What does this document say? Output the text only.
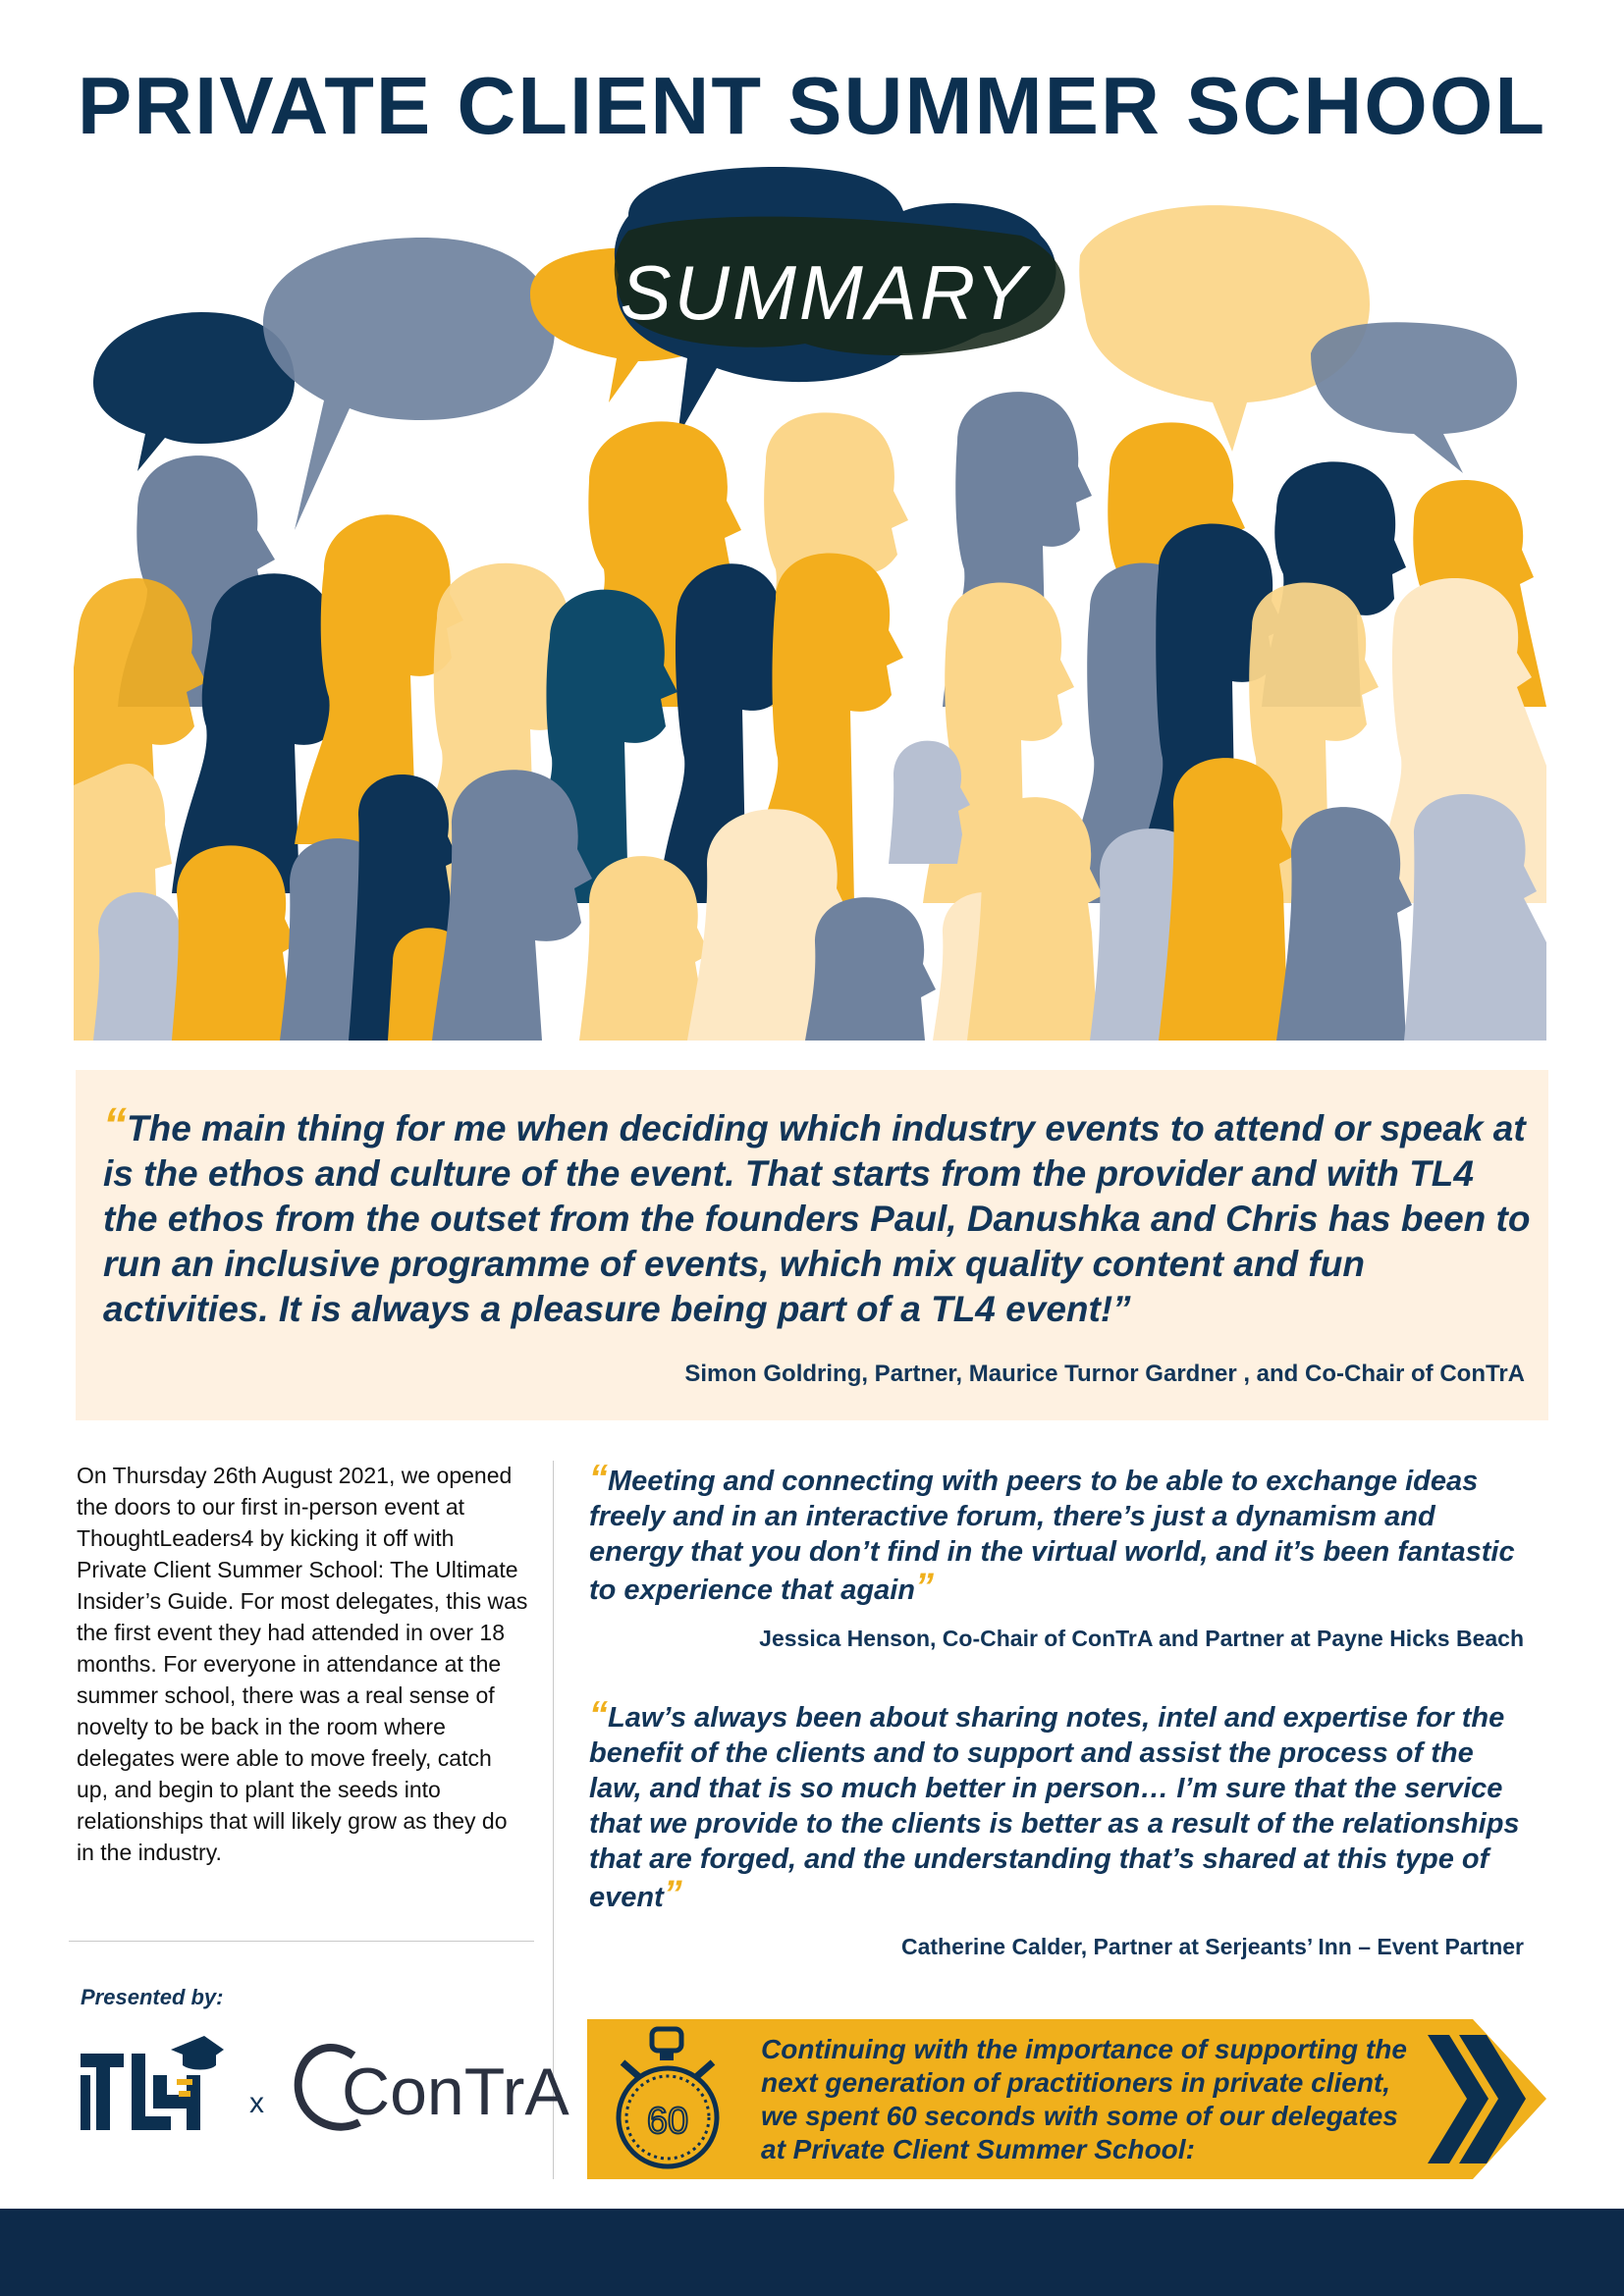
PRIVATE CLIENT SUMMER SCHOOL
SUMMARY
“The main thing for me when deciding which industry events to attend or speak at is the ethos and culture of the event. That starts from the provider and with TL4 the ethos from the outset from the founders Paul, Danushka and Chris has been to run an inclusive programme of events, which mix quality content and fun activities. It is always a pleasure being part of a TL4 event!”
Simon Goldring, Partner, Maurice Turnor Gardner , and Co-Chair of ConTrA
On Thursday 26th August 2021, we opened the doors to our first in-person event at ThoughtLeaders4 by kicking it off with Private Client Summer School: The Ultimate Insider’s Guide. For most delegates, this was the first event they had attended in over 18 months. For everyone in attendance at the summer school, there was a real sense of novelty to be back in the room where delegates were able to move freely, catch up, and begin to plant the seeds into relationships that will likely grow as they do in the industry.
“Meeting and connecting with peers to be able to exchange ideas freely and in an interactive forum, there’s just a dynamism and energy that you don’t find in the virtual world, and it’s been fantastic to experience that again”
Jessica Henson, Co-Chair of ConTrA and Partner at Payne Hicks Beach
“Law’s always been about sharing notes, intel and expertise for the benefit of the clients and to support and assist the process of the law, and that is so much better in person… I’m sure that the service that we provide to the clients is better as a result of the relationships that are forged, and the understanding that’s shared at this type of event”
Catherine Calder, Partner at Serjeants’ Inn – Event Partner
Presented by:
x ConTrA 60
Continuing with the importance of supporting the next generation of practitioners in private client, we spent 60 seconds with some of our delegates at Private Client Summer School:
